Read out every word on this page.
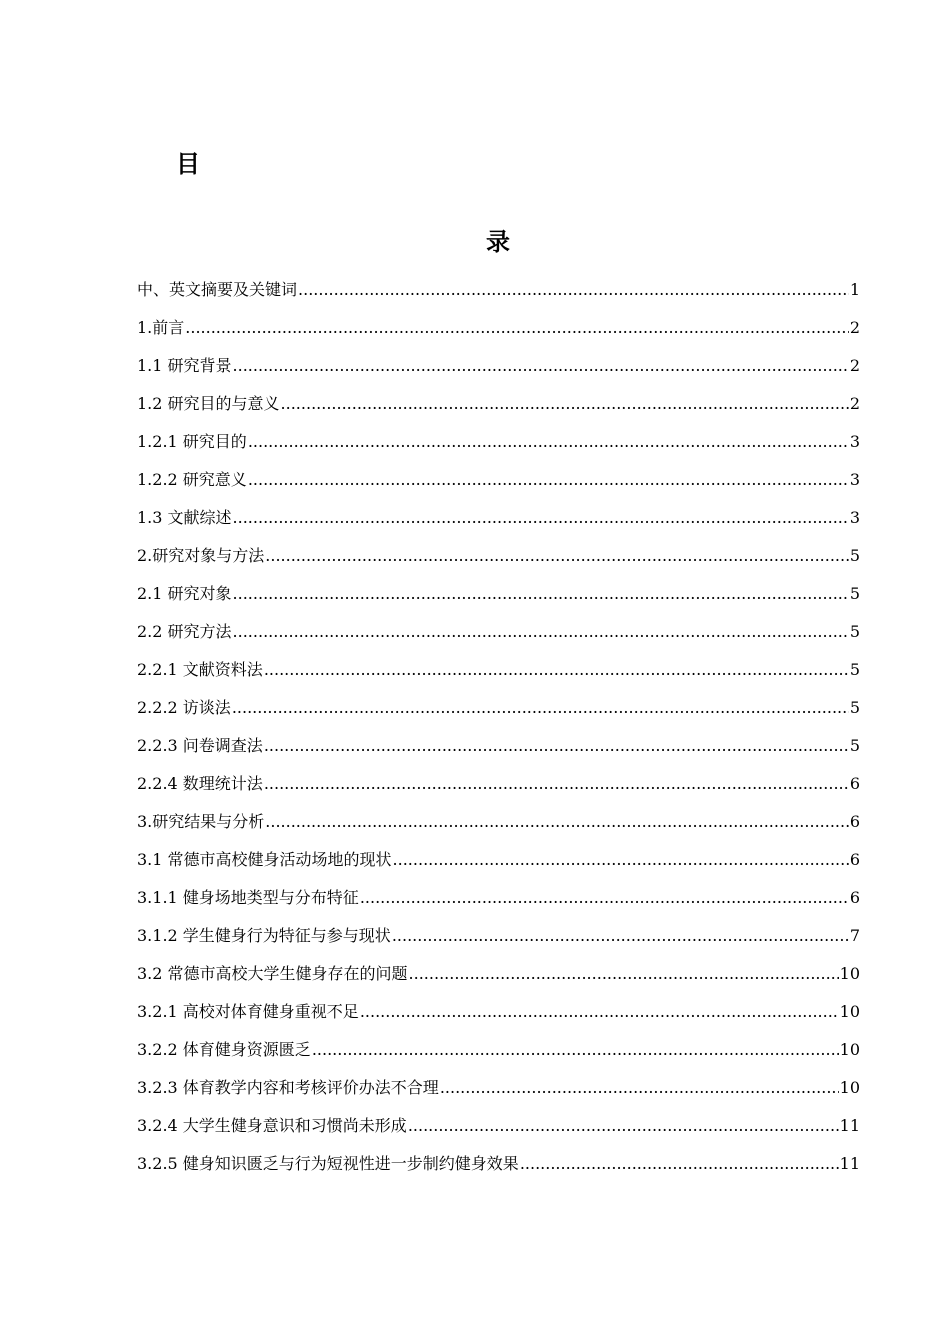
目
录
中、英文摘要及关键词 .....	1
1.前言 .....	2
1.1 研究背景 .....	2
1.2 研究目的与意义 .....	2
1.2.1 研究目的 .....	3
1.2.2 研究意义 .....	3
1.3 文献综述 .....	3
2.研究对象与方法 .....	5
2.1 研究对象 .....	5
2.2 研究方法 .....	5
2.2.1 文献资料法 .....	5
2.2.2 访谈法 .....	5
2.2.3 问卷调查法 .....	5
2.2.4 数理统计法 .....	6
3.研究结果与分析 .....	6
3.1 常德市高校健身活动场地的现状 .....	6
3.1.1 健身场地类型与分布特征 .....	6
3.1.2 学生健身行为特征与参与现状 .....	7
3.2 常德市高校大学生健身存在的问题 .....	10
3.2.1 高校对体育健身重视不足 .....	10
3.2.2 体育健身资源匮乏 .....	10
3.2.3 体育教学内容和考核评价办法不合理 .....	10
3.2.4 大学生健身意识和习惯尚未形成 .....	11
3.2.5 健身知识匮乏与行为短视性进一步制约健身效果 .....	11
